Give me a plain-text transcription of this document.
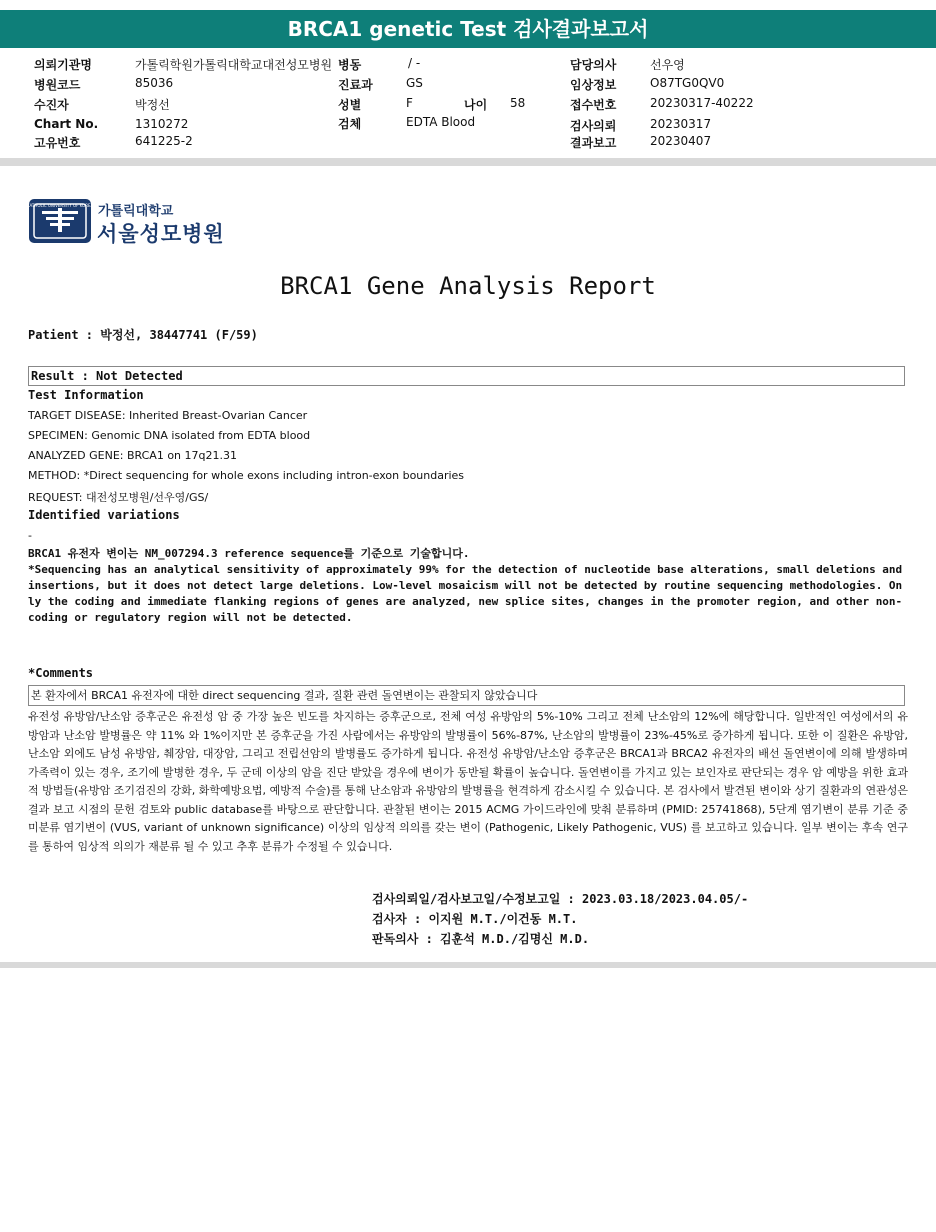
BRCA1 genetic Test 검사결과보고서
의뢰기관명	가톨릭학원가톨릭대학교대전성모병원 병동	/ -	담당의사	선우영
병원코드	85036	진료과	GS	임상정보	O87TG0QV0
수진자	박정선	성별	F	나이 58	접수번호	20230317-40222
Chart No.	1310272	검체	EDTA Blood	검사의뢰	20230317
고유번호	641225-2	결과보고	20230407
CATHOLIC UNIVERSITY OF KOREA 가톨릭대학교
서울성모병원
BRCA1 Gene Analysis Report
Patient : 박정선, 38447741 (F/59)
Result : Not Detected
Test Information
TARGET DISEASE: Inherited Breast-Ovarian Cancer
SPECIMEN: Genomic DNA isolated from EDTA blood
ANALYZED GENE: BRCA1 on 17q21.31
METHOD: *Direct sequencing for whole exons including intron-exon boundaries
REQUEST: 대전성모병원/선우영/GS/
Identified variations
-
BRCA1 유전자 변이는 NM_007294.3 reference sequence를 기준으로 기술합니다.
*Sequencing has an analytical sensitivity of approximately 99% for the detection of nucleotide base alterations, small deletions and insertions, but it does not detect large deletions. Low-level mosaicism will not be detected by routine sequencing methodologies. Only the coding and immediate flanking regions of genes are analyzed, new splice sites, changes in the promoter region, and other non-coding or regulatory region will not be detected.
*Comments
본 환자에서 BRCA1 유전자에 대한 direct sequencing 결과, 질환 관련 돌연변이는 관찰되지 않았습니다
유전성 유방암/난소암 증후군은 유전성 암 중 가장 높은 빈도를 차지하는 증후군으로, 전체 여성 유방암의 5%-10% 그리고 전체 난소암의 12%에 해당합니다. 일반적인 여성에서의 유방암과 난소암 발병률은 약 11% 와 1%이지만 본 증후군을 가진 사람에서는 유방암의 발병률이 56%-87%, 난소암의 발병률이 23%-45%로 증가하게 됩니다. 또한 이 질환은 유방암, 난소암 외에도 남성 유방암, 췌장암, 대장암, 그리고 전립선암의 발병률도 증가하게 됩니다. 유전성 유방암/난소암 증후군은 BRCA1과 BRCA2 유전자의 배선 돌연변이에 의해 발생하며 가족력이 있는 경우, 조기에 발병한 경우, 두 군데 이상의 암을 진단 받았을 경우에 변이가 동반될 확률이 높습니다. 돌연변이를 가지고 있는 보인자로 판단되는 경우 암 예방을 위한 효과적 방법들(유방암 조기검진의 강화, 화학예방요법, 예방적 수술)를 통해 난소암과 유방암의 발병률을 현격하게 감소시킬 수 있습니다. 본 검사에서 발견된 변이와 상기 질환과의 연관성은 결과 보고 시점의 문헌 검토와 public database를 바탕으로 판단합니다. 관찰된 변이는 2015 ACMG 가이드라인에 맞춰 분류하며 (PMID: 25741868), 5단계 염기변이 분류 기준 중 미분류 염기변이 (VUS, variant of unknown significance) 이상의 임상적 의의를 갖는 변이 (Pathogenic, Likely Pathogenic, VUS) 를 보고하고 있습니다. 일부 변이는 후속 연구를 통하여 임상적 의의가 재분류 될 수 있고 추후 분류가 수정될 수 있습니다.
검사의뢰일/검사보고일/수정보고일 : 2023.03.18/2023.04.05/-
검사자 : 이지원 M.T./이건동 M.T.
판독의사 : 김훈석 M.D./김명신 M.D.
